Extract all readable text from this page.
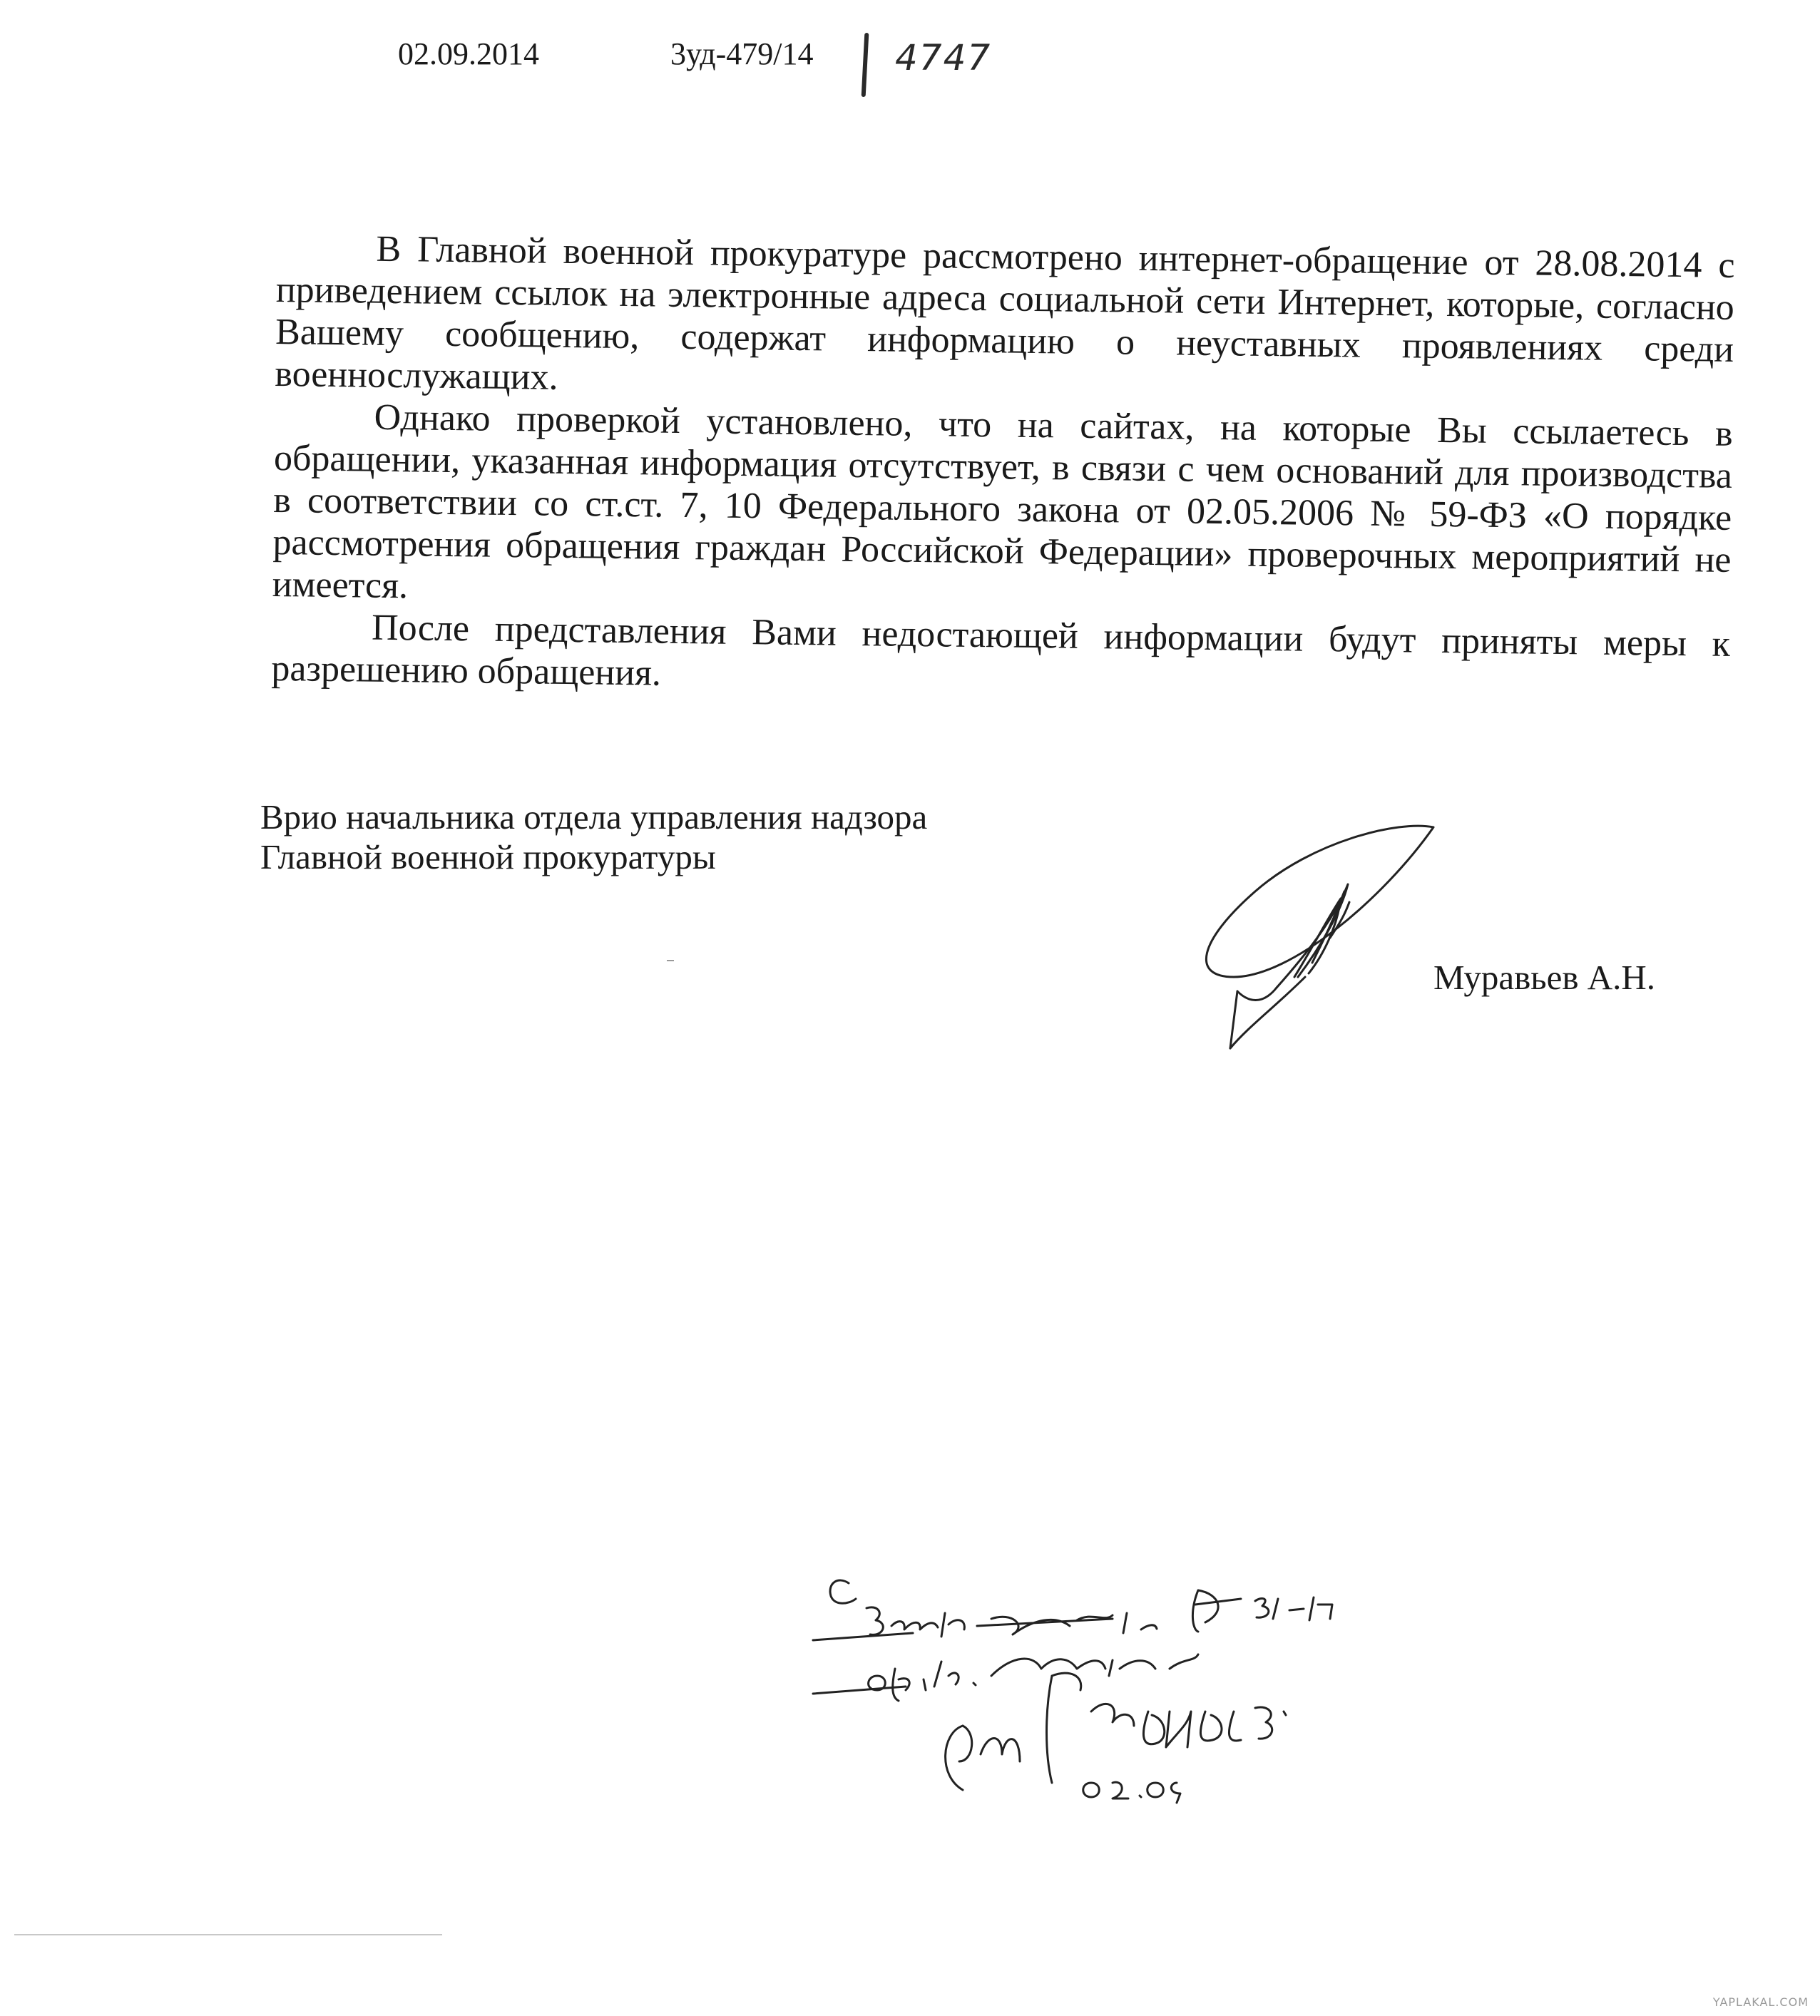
02.09.2014	3уд-479/14 4747

В Главной военной прокуратуре рассмотрено интернет-обращение от 28.08.2014 с приведением ссылок на электронные адреса социальной сети Интернет, которые, согласно Вашему сообщению, содержат информацию о неуставных проявлениях среди военнослужащих.

Однако проверкой установлено, что на сайтах, на которые Вы ссылаетесь в обращении, указанная информация отсутствует, в связи с чем оснований для производства в соответствии со ст.ст. 7, 10 Федерального закона от 02.05.2006 № 59-ФЗ «О порядке рассмотрения обращения граждан Российской Федерации» проверочных мероприятий не имеется.

После представления Вами недостающей информации будут приняты меры к разрешению обращения.

Врио начальника отдела управления надзора
Главной военной прокуратуры
Муравьев А.Н.
YAPLAKAL.COM
